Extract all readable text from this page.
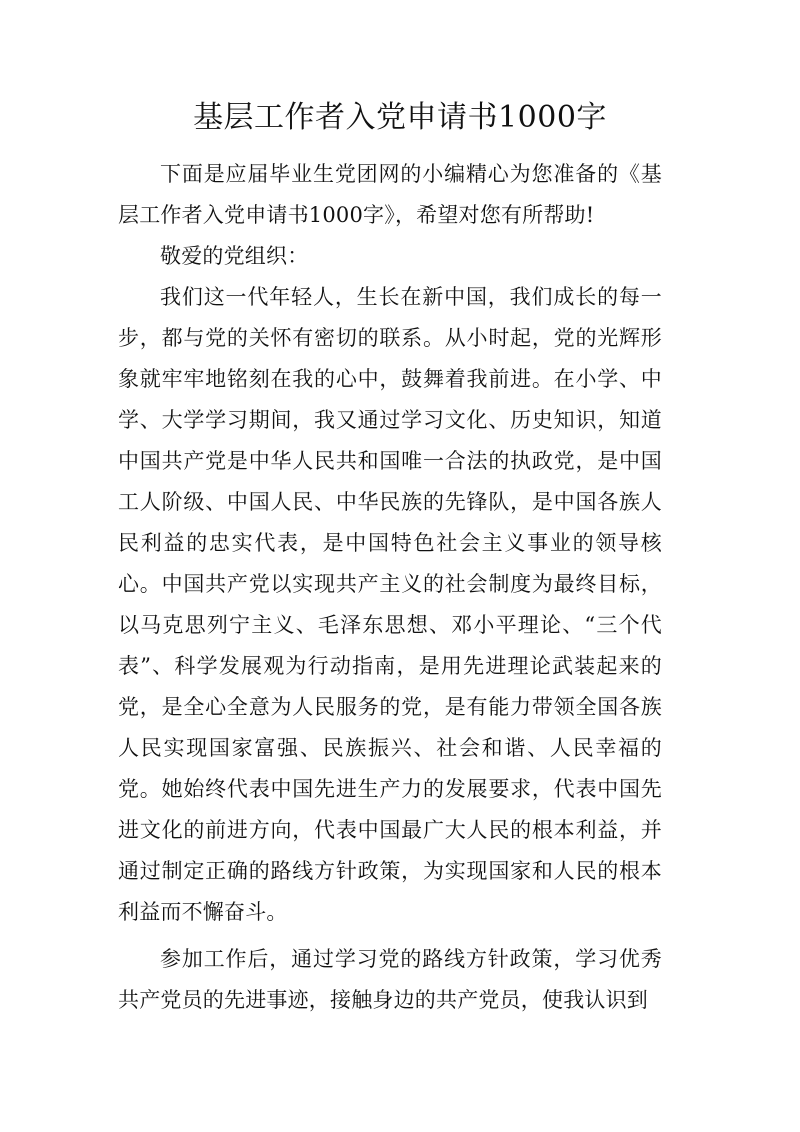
基层工作者入党申请书1000字

下面是应届毕业生党团网的小编精心为您准备的《基层工作者入党申请书1000字》，希望对您有所帮助!

敬爱的党组织：

我们这一代年轻人，生长在新中国，我们成长的每一步，都与党的关怀有密切的联系。从小时起，党的光辉形象就牢牢地铭刻在我的心中，鼓舞着我前进。在小学、中学、大学学习期间，我又通过学习文化、历史知识，知道中国共产党是中华人民共和国唯一合法的执政党，是中国工人阶级、中国人民、中华民族的先锋队，是中国各族人民利益的忠实代表，是中国特色社会主义事业的领导核心。中国共产党以实现共产主义的社会制度为最终目标，以马克思列宁主义、毛泽东思想、邓小平理论、“三个代表”、科学发展观为行动指南，是用先进理论武装起来的党，是全心全意为人民服务的党，是有能力带领全国各族人民实现国家富强、民族振兴、社会和谐、人民幸福的党。她始终代表中国先进生产力的发展要求，代表中国先进文化的前进方向，代表中国最广大人民的根本利益，并通过制定正确的路线方针政策，为实现国家和人民的根本利益而不懈奋斗。

参加工作后，通过学习党的路线方针政策，学习优秀共产党员的先进事迹，接触身边的共产党员，使我认识到
